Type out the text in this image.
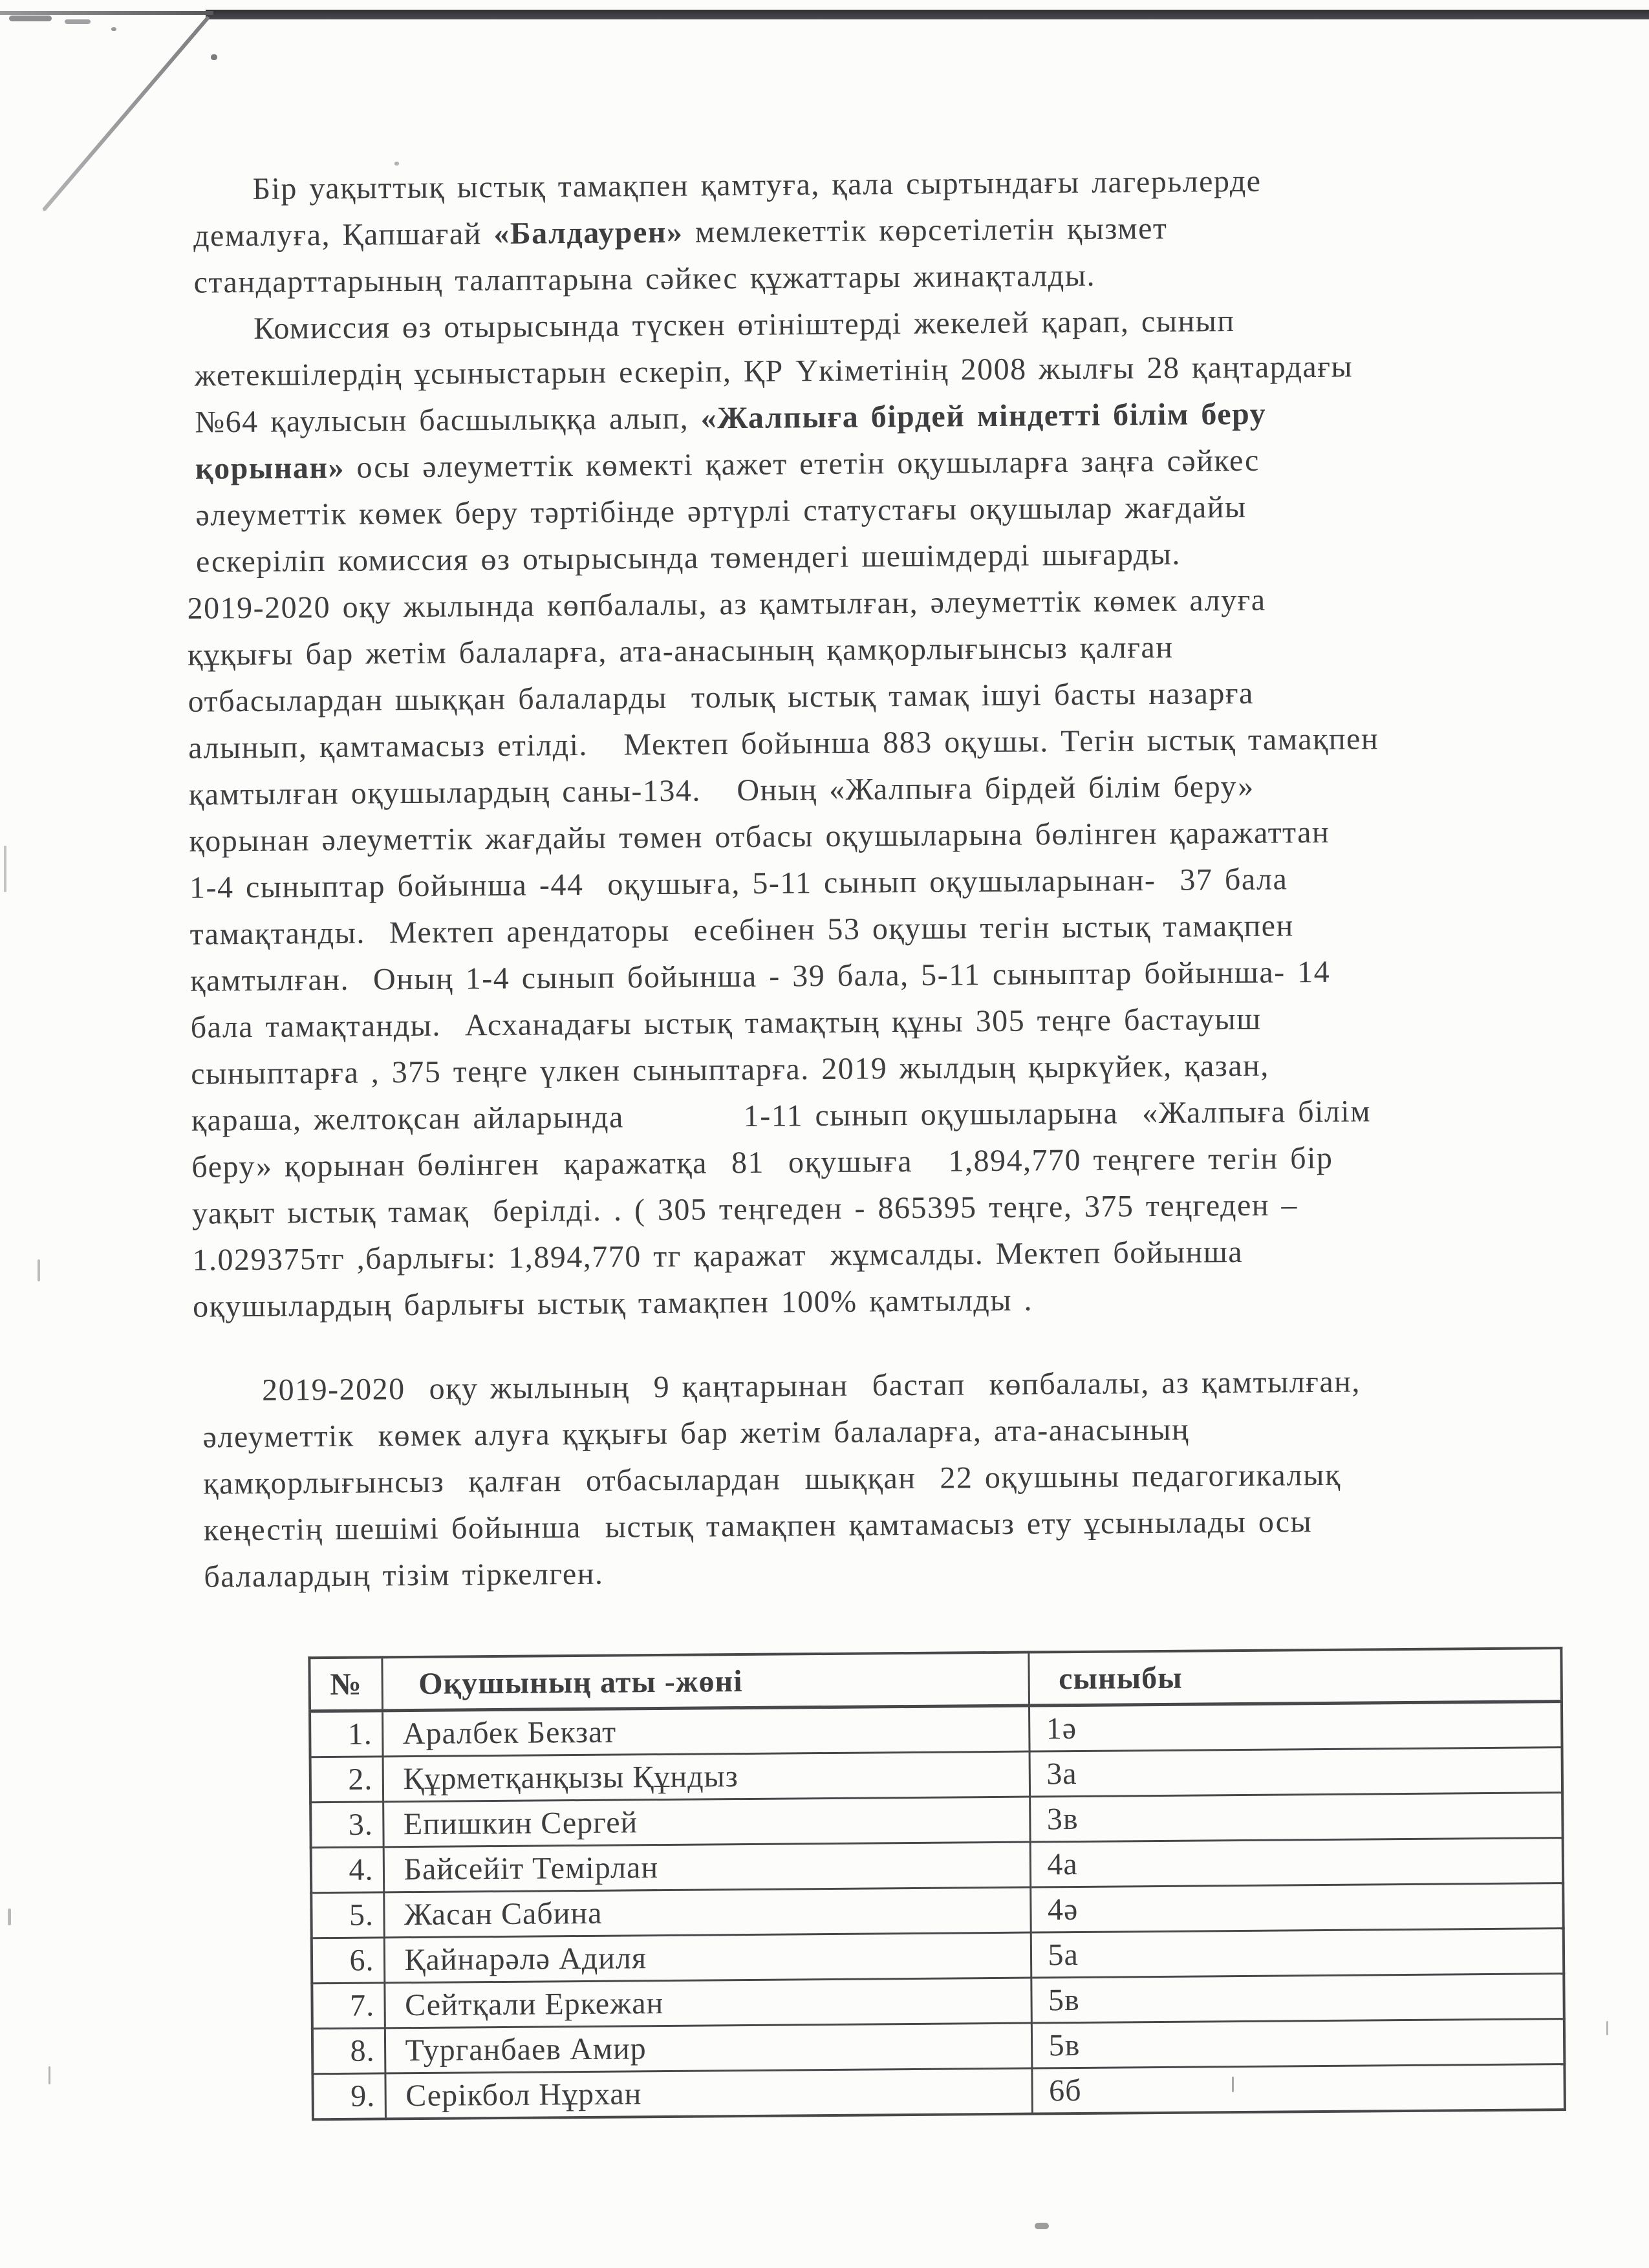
Бір уақыттық ыстық тамақпен қамтуға, қала сыртындағы лагерьлерде
демалуға, Қапшағай «Балдаурен» мемлекеттік көрсетілетін қызмет
стандарттарының талаптарына сәйкес құжаттары жинақталды.
Комиссия өз отырысында түскен өтініштерді жекелей қарап, сынып
жетекшілердің ұсыныстарын ескеріп, ҚР Үкіметінің 2008 жылғы 28 қаңтардағы
№64 қаулысын басшылыққа алып, «Жалпыға бірдей міндетті білім беру
қорынан» осы әлеуметтік көмекті қажет ететін оқушыларға заңға сәйкес
әлеуметтік көмек беру тәртібінде әртүрлі статустағы оқушылар жағдайы
ескеріліп комиссия өз отырысында төмендегі шешімдерді шығарды.
2019-2020 оқу жылында көпбалалы, аз қамтылған, әлеуметтік көмек алуға
құқығы бар жетім балаларға, ата-анасының қамқорлығынсыз қалған
отбасылардан шыққан балаларды  толық ыстық тамақ ішуі басты назарға
алынып, қамтамасыз етілді.   Мектеп бойынша 883 оқушы. Тегін ыстық тамақпен
қамтылған оқушылардың саны-134.   Оның «Жалпыға бірдей білім беру»
қорынан әлеуметтік жағдайы төмен отбасы оқушыларына бөлінген қаражаттан
1-4 сыныптар бойынша -44  оқушыға, 5-11 сынып оқушыларынан-  37 бала
тамақтанды.  Мектеп арендаторы  есебінен 53 оқушы тегін ыстық тамақпен
қамтылған.  Оның 1-4 сынып бойынша - 39 бала, 5-11 сыныптар бойынша- 14
бала тамақтанды.  Асханадағы ыстық тамақтың құны 305 теңге бастауыш
сыныптарға , 375 теңге үлкен сыныптарға. 2019 жылдың қыркүйек, қазан,
қараша, желтоқсан айларында          1-11 сынып оқушыларына  «Жалпыға білім
беру» қорынан бөлінген  қаражатқа  81  оқушыға   1,894,770 теңгеге тегін бір
уақыт ыстық тамақ  берілді. . ( 305 теңгеден - 865395 теңге, 375 теңгеден –
1.029375тг ,барлығы: 1,894,770 тг қаражат  жұмсалды. Мектеп бойынша
оқушылардың барлығы ыстық тамақпен 100% қамтылды .
2019-2020  оқу жылының  9 қаңтарынан  бастап  көпбалалы, аз қамтылған,
әлеуметтік  көмек алуға құқығы бар жетім балаларға, ата-анасының
қамқорлығынсыз  қалған  отбасылардан  шыққан  22 оқушыны педагогикалық
кеңестің шешімі бойынша  ыстық тамақпен қамтамасыз ету ұсынылады осы
балалардың тізім тіркелген.
№	Оқушының аты -жөні	сыныбы
1.	Аралбек Бекзат	1ә
2.	Құрметқанқызы Құндыз	3а
3.	Епишкин Сергей	3в
4.	Байсейіт Темірлан	4а
5.	Жасан Сабина	4ә
6.	Қайнарәлә Адиля	5а
7.	Сейтқали Еркежан	5в
8.	Турганбаев Амир	5в
9.	Серікбол Нұрхан	6б
